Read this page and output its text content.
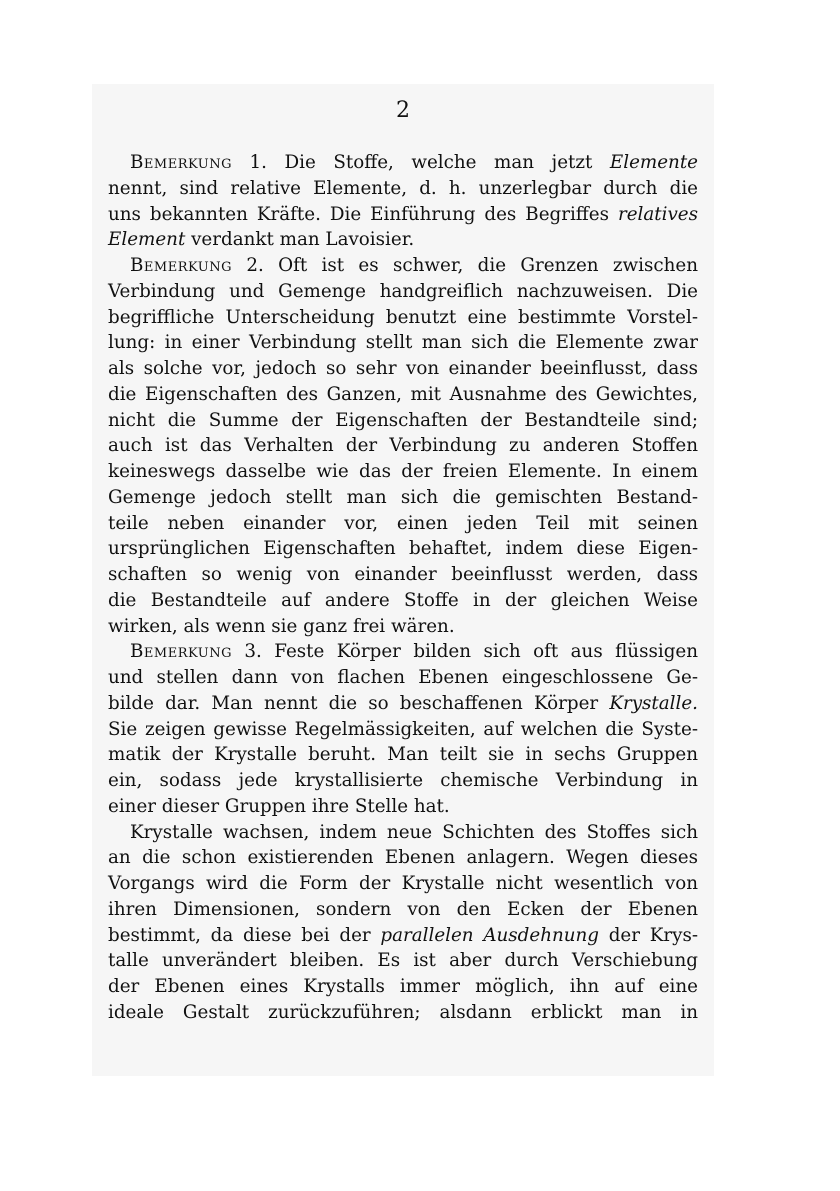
2
Bemerkung 1. Die Stoffe, welche man jetzt Elemente
nennt, sind relative Elemente, d. h. unzerlegbar durch die
uns bekannten Kräfte. Die Einführung des Begriffes relatives
Element verdankt man Lavoisier.
Bemerkung 2. Oft ist es schwer, die Grenzen zwischen
Verbindung und Gemenge handgreiflich nachzuweisen. Die
begriffliche Unterscheidung benutzt eine bestimmte Vorstel-
lung: in einer Verbindung stellt man sich die Elemente zwar
als solche vor, jedoch so sehr von einander beeinflusst, dass
die Eigenschaften des Ganzen, mit Ausnahme des Gewichtes,
nicht die Summe der Eigenschaften der Bestandteile sind;
auch ist das Verhalten der Verbindung zu anderen Stoffen
keineswegs dasselbe wie das der freien Elemente. In einem
Gemenge jedoch stellt man sich die gemischten Bestand-
teile neben einander vor, einen jeden Teil mit seinen
ursprünglichen Eigenschaften behaftet, indem diese Eigen-
schaften so wenig von einander beeinflusst werden, dass
die Bestandteile auf andere Stoffe in der gleichen Weise
wirken, als wenn sie ganz frei wären.
Bemerkung 3. Feste Körper bilden sich oft aus flüssigen
und stellen dann von flachen Ebenen eingeschlossene Ge-
bilde dar. Man nennt die so beschaffenen Körper Krystalle.
Sie zeigen gewisse Regelmässigkeiten, auf welchen die Syste-
matik der Krystalle beruht. Man teilt sie in sechs Gruppen
ein, sodass jede krystallisierte chemische Verbindung in
einer dieser Gruppen ihre Stelle hat.
Krystalle wachsen, indem neue Schichten des Stoffes sich
an die schon existierenden Ebenen anlagern. Wegen dieses
Vorgangs wird die Form der Krystalle nicht wesentlich von
ihren Dimensionen, sondern von den Ecken der Ebenen
bestimmt, da diese bei der parallelen Ausdehnung der Krys-
talle unverändert bleiben. Es ist aber durch Verschiebung
der Ebenen eines Krystalls immer möglich, ihn auf eine
ideale Gestalt zurückzuführen; alsdann erblickt man in
